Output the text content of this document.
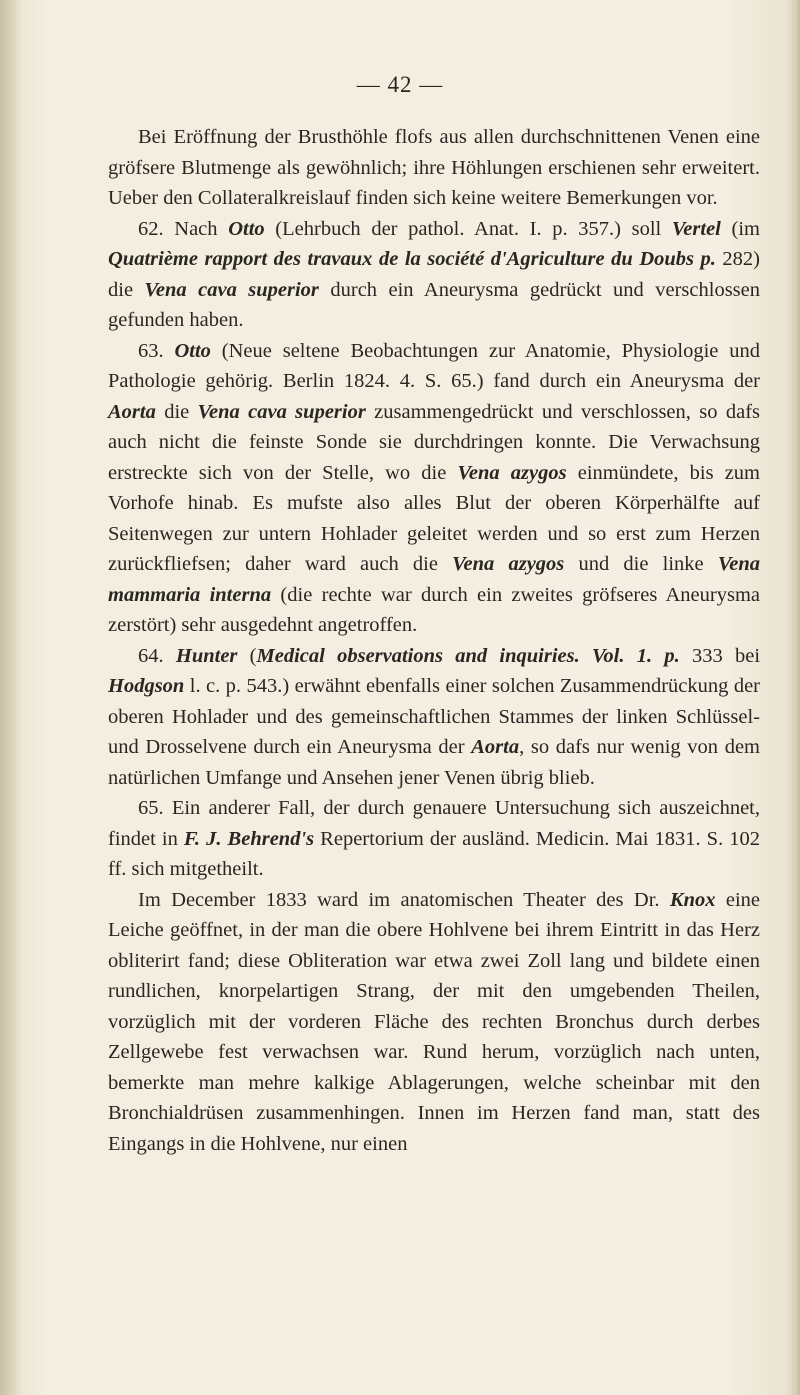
— 42 —

Bei Eröffnung der Brusthöhle flofs aus allen durchschnittenen Venen eine gröfsere Blutmenge als gewöhnlich; ihre Höhlungen erschienen sehr erweitert. Ueber den Collateralkreislauf finden sich keine weitere Bemerkungen vor.

62. Nach Otto (Lehrbuch der pathol. Anat. I. p. 357.) soll Vertel (im Quatrième rapport des travaux de la société d'Agriculture du Doubs p. 282) die Vena cava superior durch ein Aneurysma gedrückt und verschlossen gefunden haben.

63. Otto (Neue seltene Beobachtungen zur Anatomie, Physiologie und Pathologie gehörig. Berlin 1824. 4. S. 65.) fand durch ein Aneurysma der Aorta die Vena cava superior zusammengedrückt und verschlossen, so dafs auch nicht die feinste Sonde sie durchdringen konnte. Die Verwachsung erstreckte sich von der Stelle, wo die Vena azygos einmündete, bis zum Vorhofe hinab. Es mufste also alles Blut der oberen Körperhälfte auf Seitenwegen zur untern Hohlader geleitet werden und so erst zum Herzen zurückfliefsen; daher ward auch die Vena azygos und die linke Vena mammaria interna (die rechte war durch ein zweites gröfseres Aneurysma zerstört) sehr ausgedehnt angetroffen.

64. Hunter (Medical observations and inquiries. Vol. 1. p. 333 bei Hodgson l. c. p. 543.) erwähnt ebenfalls einer solchen Zusammendrückung der oberen Hohlader und des gemeinschaftlichen Stammes der linken Schlüssel- und Drosselvene durch ein Aneurysma der Aorta, so dafs nur wenig von dem natürlichen Umfange und Ansehen jener Venen übrig blieb.

65. Ein anderer Fall, der durch genauere Untersuchung sich auszeichnet, findet in F. J. Behrend's Repertorium der ausländ. Medicin. Mai 1831. S. 102 ff. sich mitgetheilt.

Im December 1833 ward im anatomischen Theater des Dr. Knox eine Leiche geöffnet, in der man die obere Hohlvene bei ihrem Eintritt in das Herz obliterirt fand; diese Obliteration war etwa zwei Zoll lang und bildete einen rundlichen, knorpelartigen Strang, der mit den umgebenden Theilen, vorzüglich mit der vorderen Fläche des rechten Bronchus durch derbes Zellgewebe fest verwachsen war. Rund herum, vorzüglich nach unten, bemerkte man mehre kalkige Ablagerungen, welche scheinbar mit den Bronchialdrüsen zusammenhingen. Innen im Herzen fand man, statt des Eingangs in die Hohlvene, nur einen
